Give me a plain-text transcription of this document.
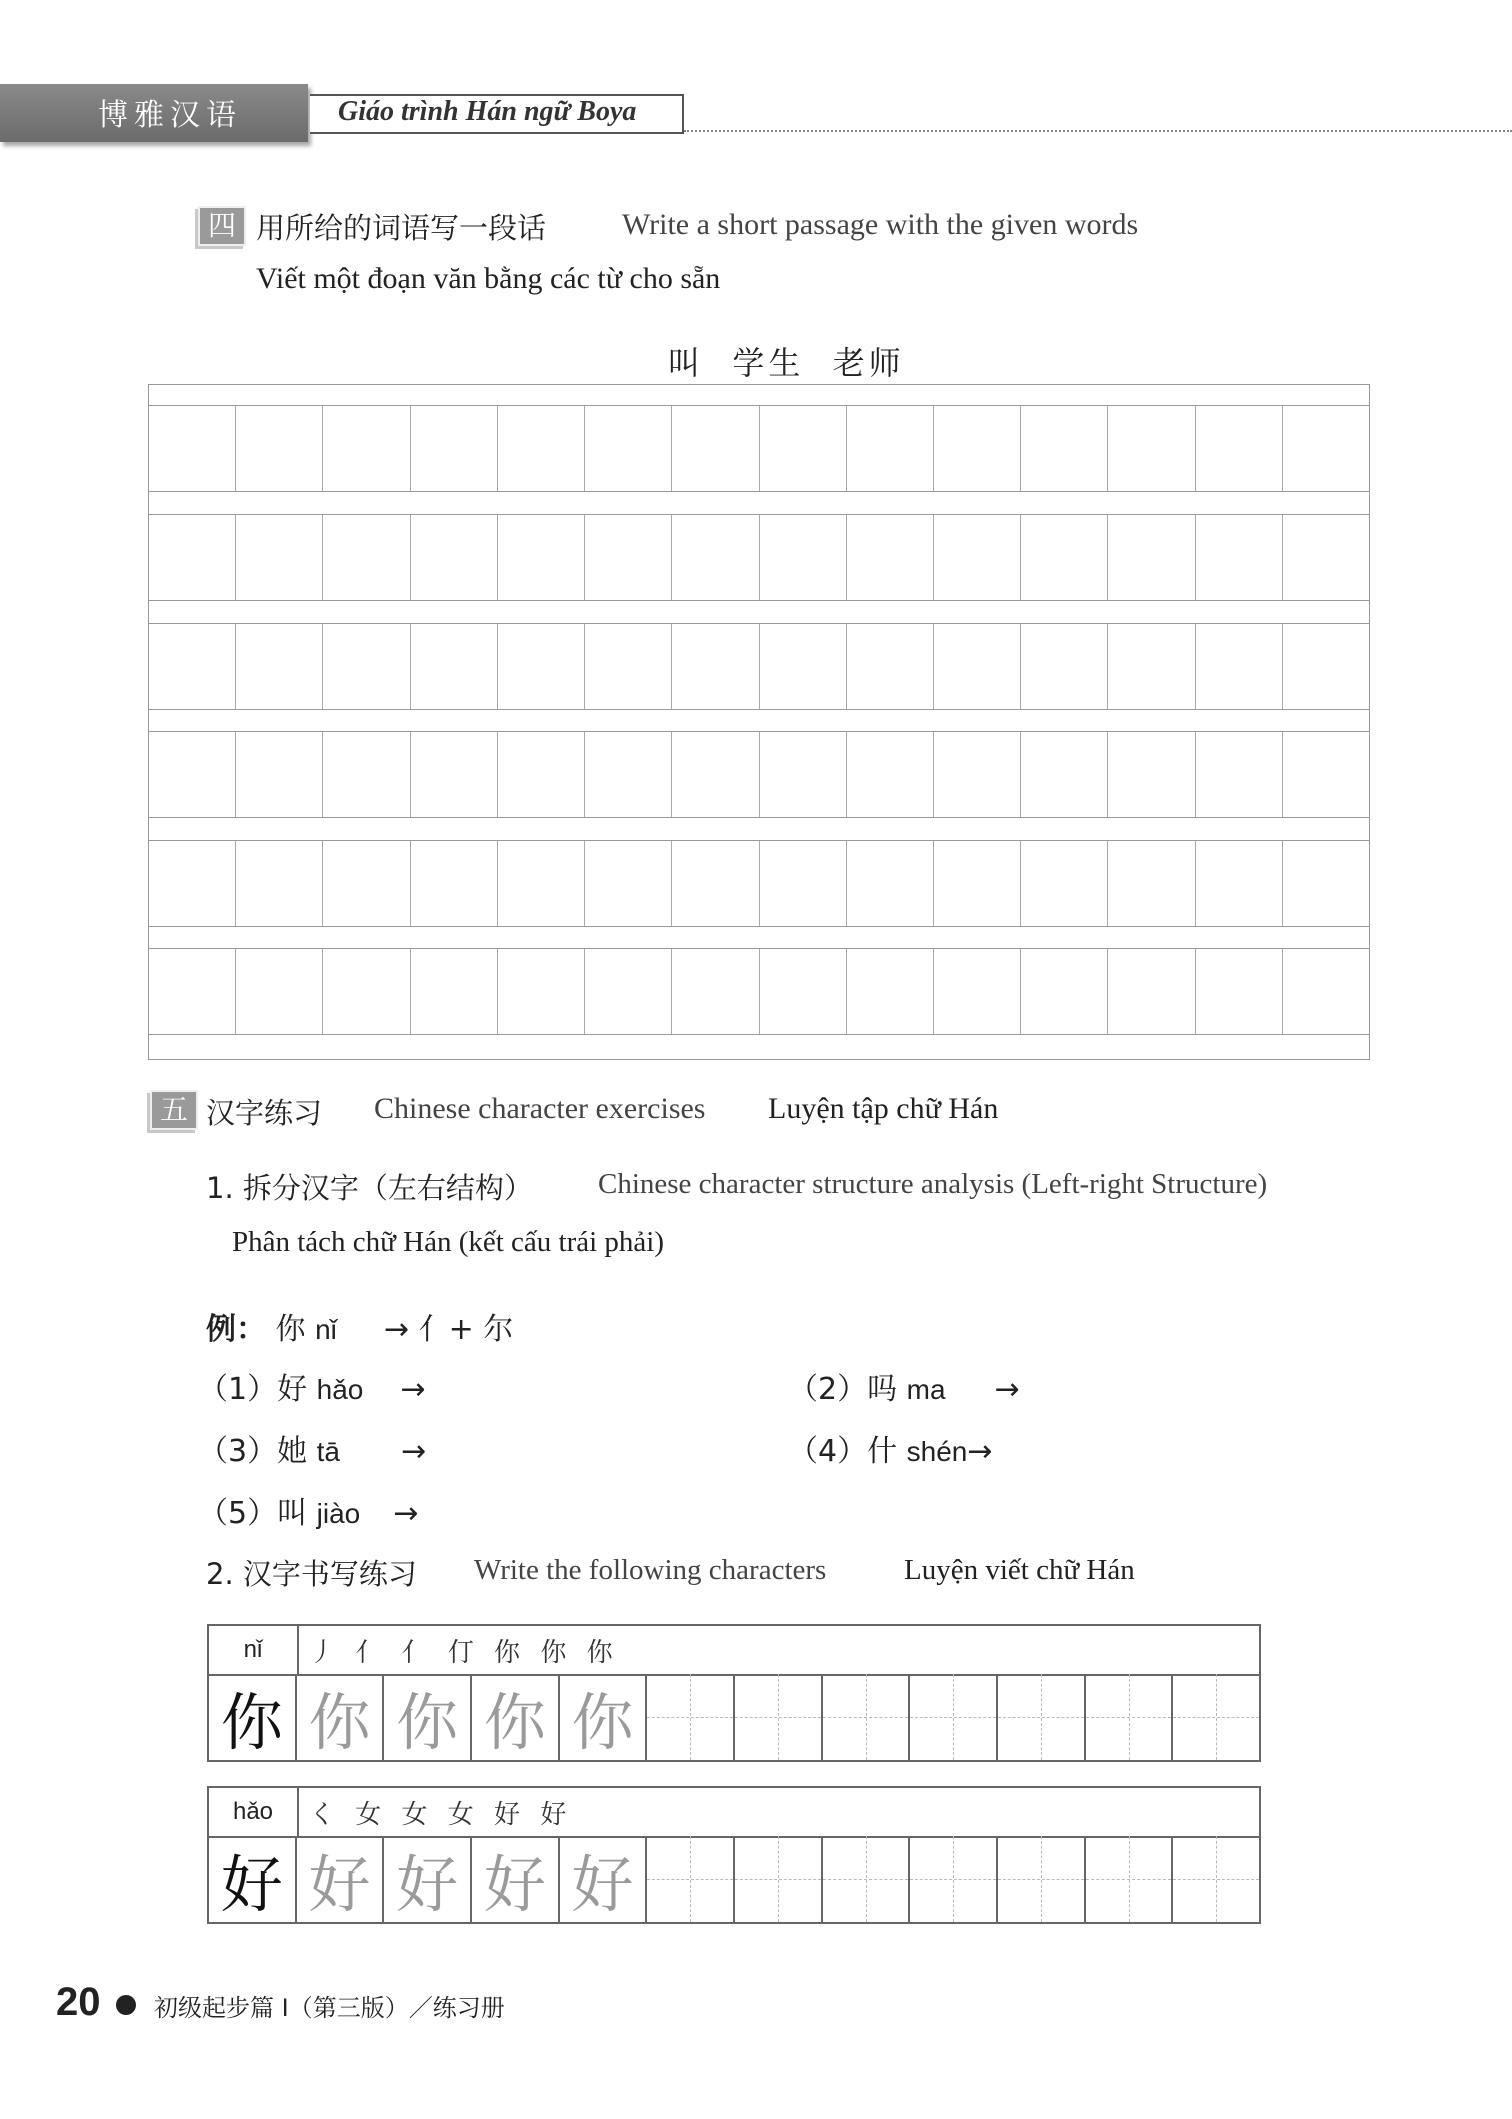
博雅汉语	Giáo trình Hán ngữ Boya
四 用所给的词语写一段话	Write a short passage with the given words
Viết một đoạn văn bằng các từ cho sẵn
叫  学生  老师
五 汉字练习 Chinese character exercises Luyện tập chữ Hán
1. 拆分汉字（左右结构） Chinese character structure analysis (Left-right Structure)
Phân tách chữ Hán (kết cấu trái phải)
例： 你 nǐ → 亻+ 尔
（1）好 hǎo →	（2）吗 ma →
（3）她 tā →	（4）什 shén→
（5）叫 jiào →
2. 汉字书写练习 Write the following characters	Luyện viết chữ Hán
nǐ	丿 亻 亻 仃 你 你 你
你 你 你 你 你
hǎo	く 女 女 女 好 好
好 好 好 好 好
20 初级起步篇 I（第三版）／练习册
